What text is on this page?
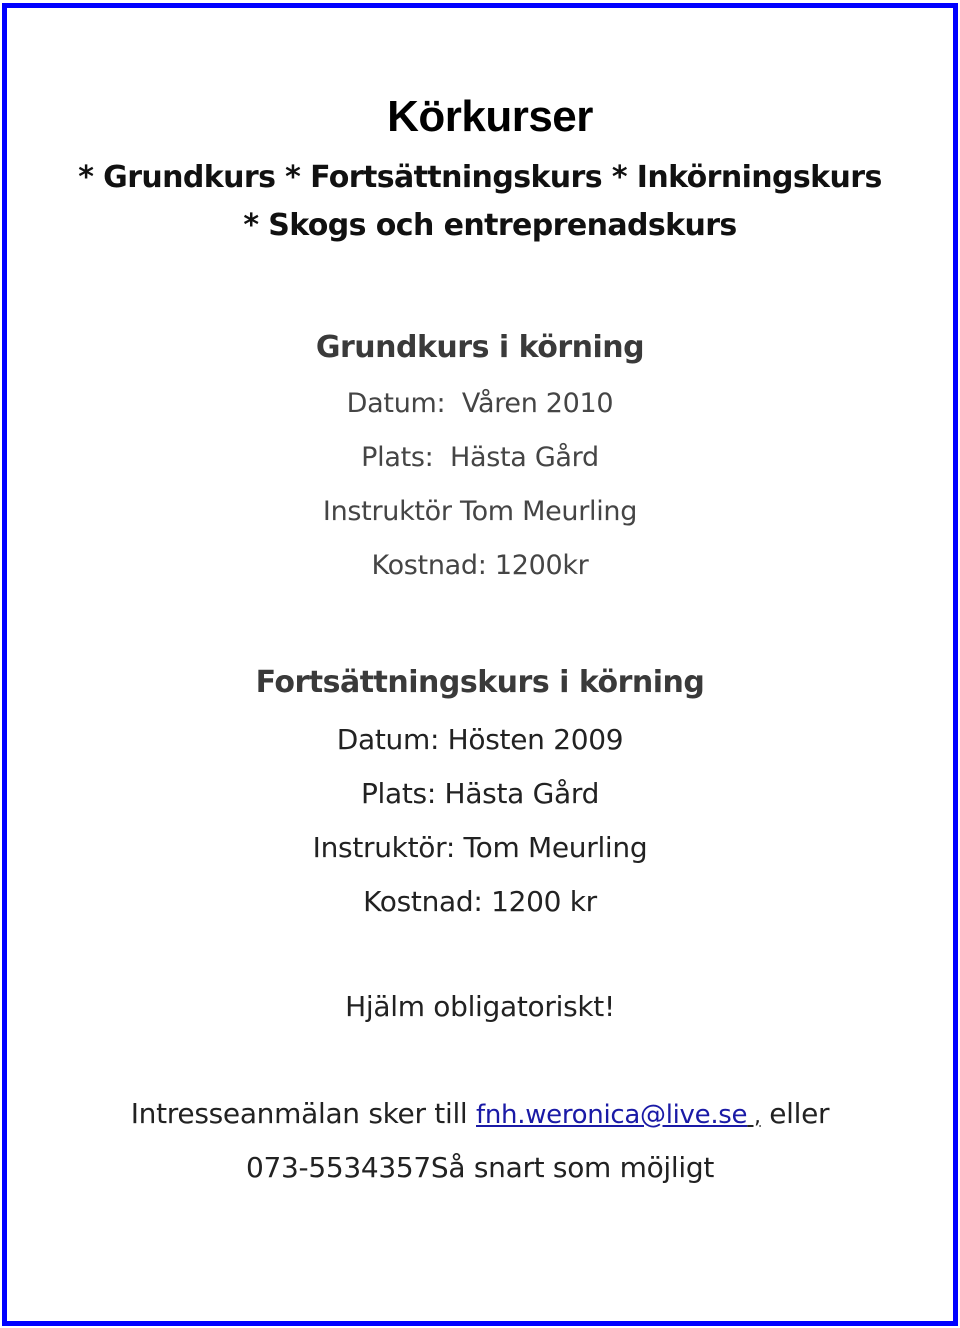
Körkurser
* Grundkurs * Fortsättningskurs * Inkörningskurs
* Skogs och entreprenadskurs
Grundkurs i körning
Datum:  Våren 2010
Plats:  Hästa Gård
Instruktör Tom Meurling
Kostnad: 1200kr
Fortsättningskurs i körning
Datum: Hösten 2009
Plats: Hästa Gård
Instruktör: Tom Meurling
Kostnad: 1200 kr
Hjälm obligatoriskt!
Intresseanmälan sker till fnh.weronica@live.se , eller
073-5534357Så snart som möjligt
